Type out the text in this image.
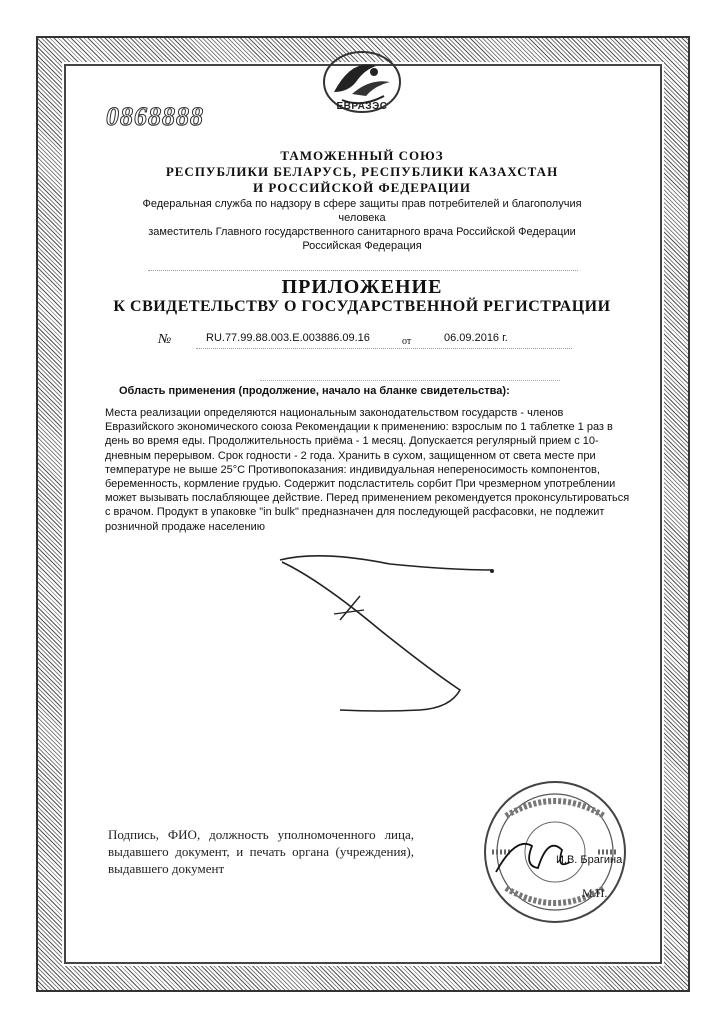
ЕВРАЗЭС
0868888
ТАМОЖЕННЫЙ СОЮЗ
РЕСПУБЛИКИ БЕЛАРУСЬ, РЕСПУБЛИКИ КАЗАХСТАН
И РОССИЙСКОЙ ФЕДЕРАЦИИ
Федеральная служба по надзору в сфере защиты прав потребителей и благополучия человека
заместитель Главного государственного санитарного врача Российской Федерации
Российская Федерация
ПРИЛОЖЕНИЕ
К СВИДЕТЕЛЬСТВУ О ГОСУДАРСТВЕННОЙ РЕГИСТРАЦИИ
№	RU.77.99.88.003.E.003886.09.16	от	06.09.2016 г.

Область применения (продолжение, начало на бланке свидетельства):

Места реализации определяются национальным законодательством государств - членов Евразийского экономического союза Рекомендации к применению: взрослым по 1 таблетке 1 раз в день во время еды. Продолжительность приёма - 1 месяц. Допускается регулярный прием с 10-дневным перерывом. Срок годности - 2 года. Хранить в сухом, защищенном от света месте при температуре не выше 25°С Противопоказания: индивидуальная непереносимость компонентов, беременность, кормление грудью. Содержит подсластитель сорбит При чрезмерном употреблении может вызывать послабляющее действие. Перед применением рекомендуется проконсультироваться с врачом. Продукт в упаковке "in bulk" предназначен для последующей расфасовки, не подлежит розничной продаже населению

Подпись, ФИО, должность уполномоченного лица, выдавшего документ, и печать органа (учреждения), выдавшего документ
И.В. Брагина
М.П.
